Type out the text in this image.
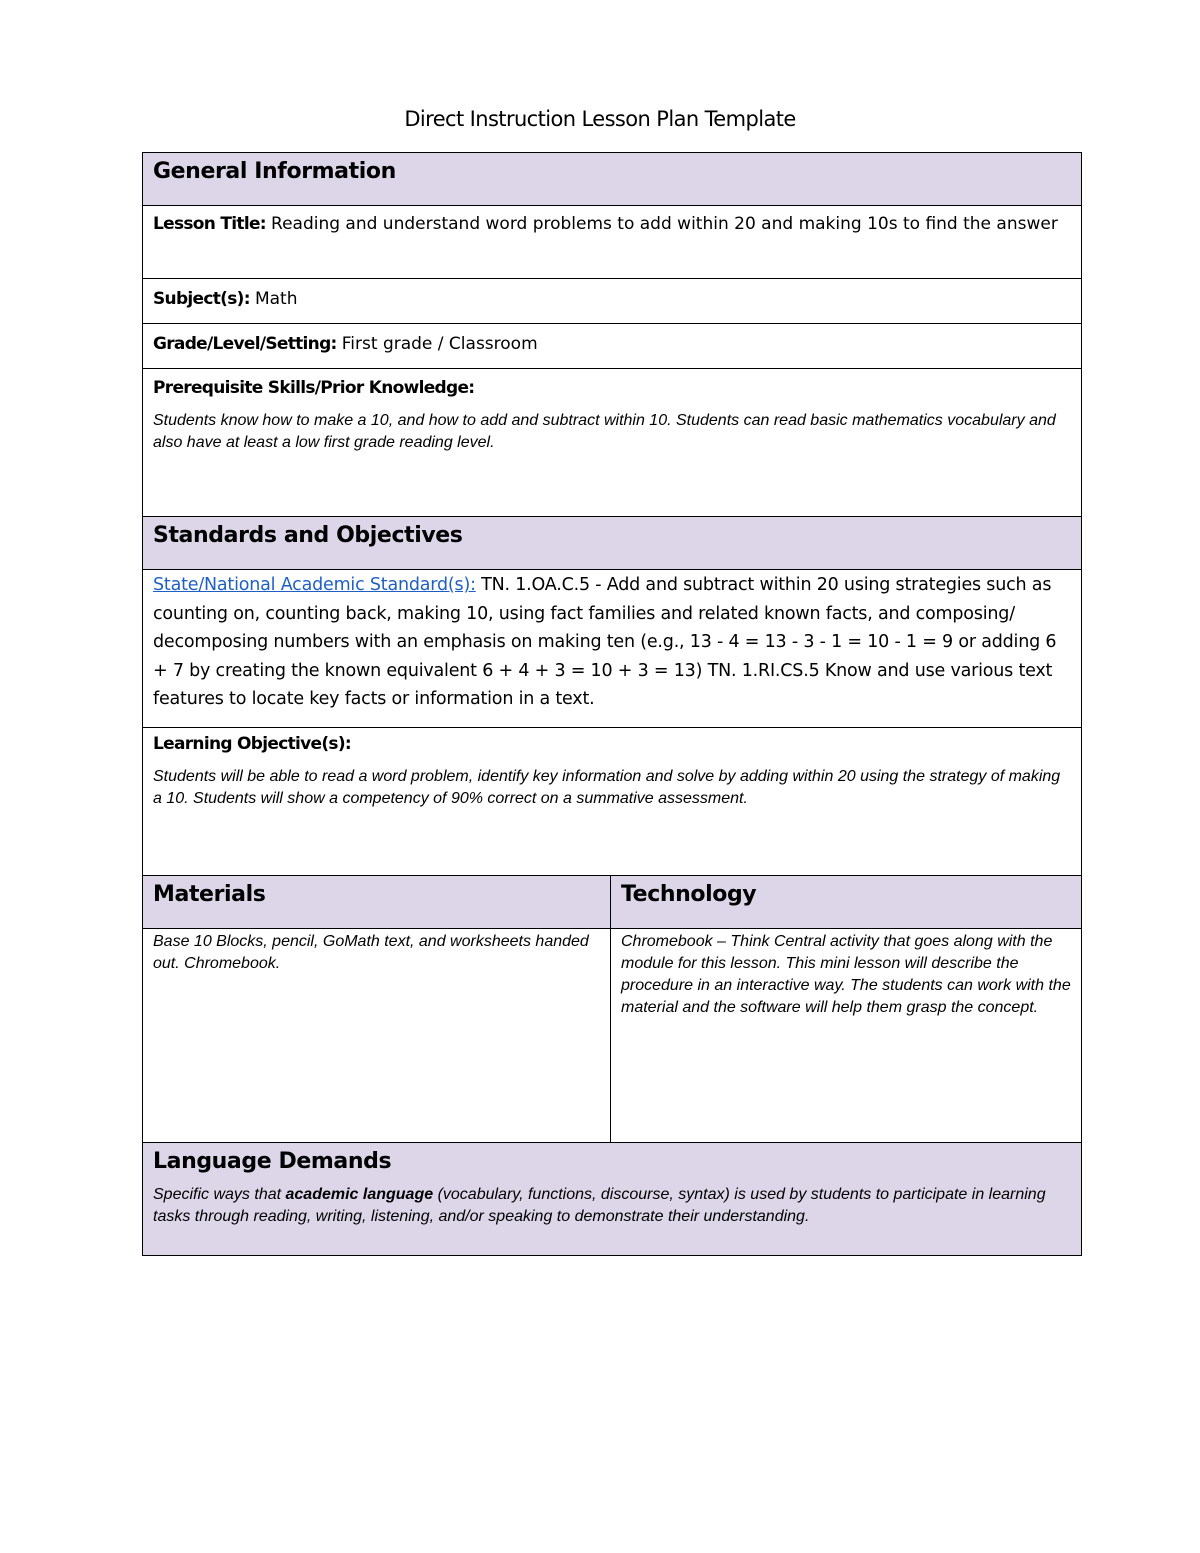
Direct Instruction Lesson Plan Template
General Information	

Lesson Title: Reading and understand word problems to add within 20 and making 10s to find the answer	

Subject(s): Math	

Grade/Level/Setting: First grade / Classroom	

Prerequisite Skills/Prior Knowledge:

Students know how to make a 10, and how to add and subtract within 10. Students can read basic mathematics vocabulary and also have at least a low first grade reading level.	

Standards and Objectives	

State/National Academic Standard(s): TN. 1.OA.C.5 - Add and subtract within 20 using strategies such as counting on, counting back, making 10, using fact families and related known facts, and composing/ decomposing numbers with an emphasis on making ten (e.g., 13 - 4 = 13 - 3 - 1 = 10 - 1 = 9 or adding 6 + 7 by creating the known equivalent 6 + 4 + 3 = 10 + 3 = 13) TN. 1.RI.CS.5 Know and use various text features to locate key facts or information in a text.	

Learning Objective(s):

Students will be able to read a word problem, identify key information and solve by adding within 20 using the strategy of making a 10. Students will show a competency of 90% correct on a summative assessment.	

Materials	Technology

Base 10 Blocks, pencil, GoMath text, and worksheets handed out. Chromebook.	Chromebook – Think Central activity that goes along with the module for this lesson. This mini lesson will describe the procedure in an interactive way. The students can work with the material and the software will help them grasp the concept.

Language Demands

Specific ways that academic language (vocabulary, functions, discourse, syntax) is used by students to participate in learning tasks through reading, writing, listening, and/or speaking to demonstrate their understanding.	
